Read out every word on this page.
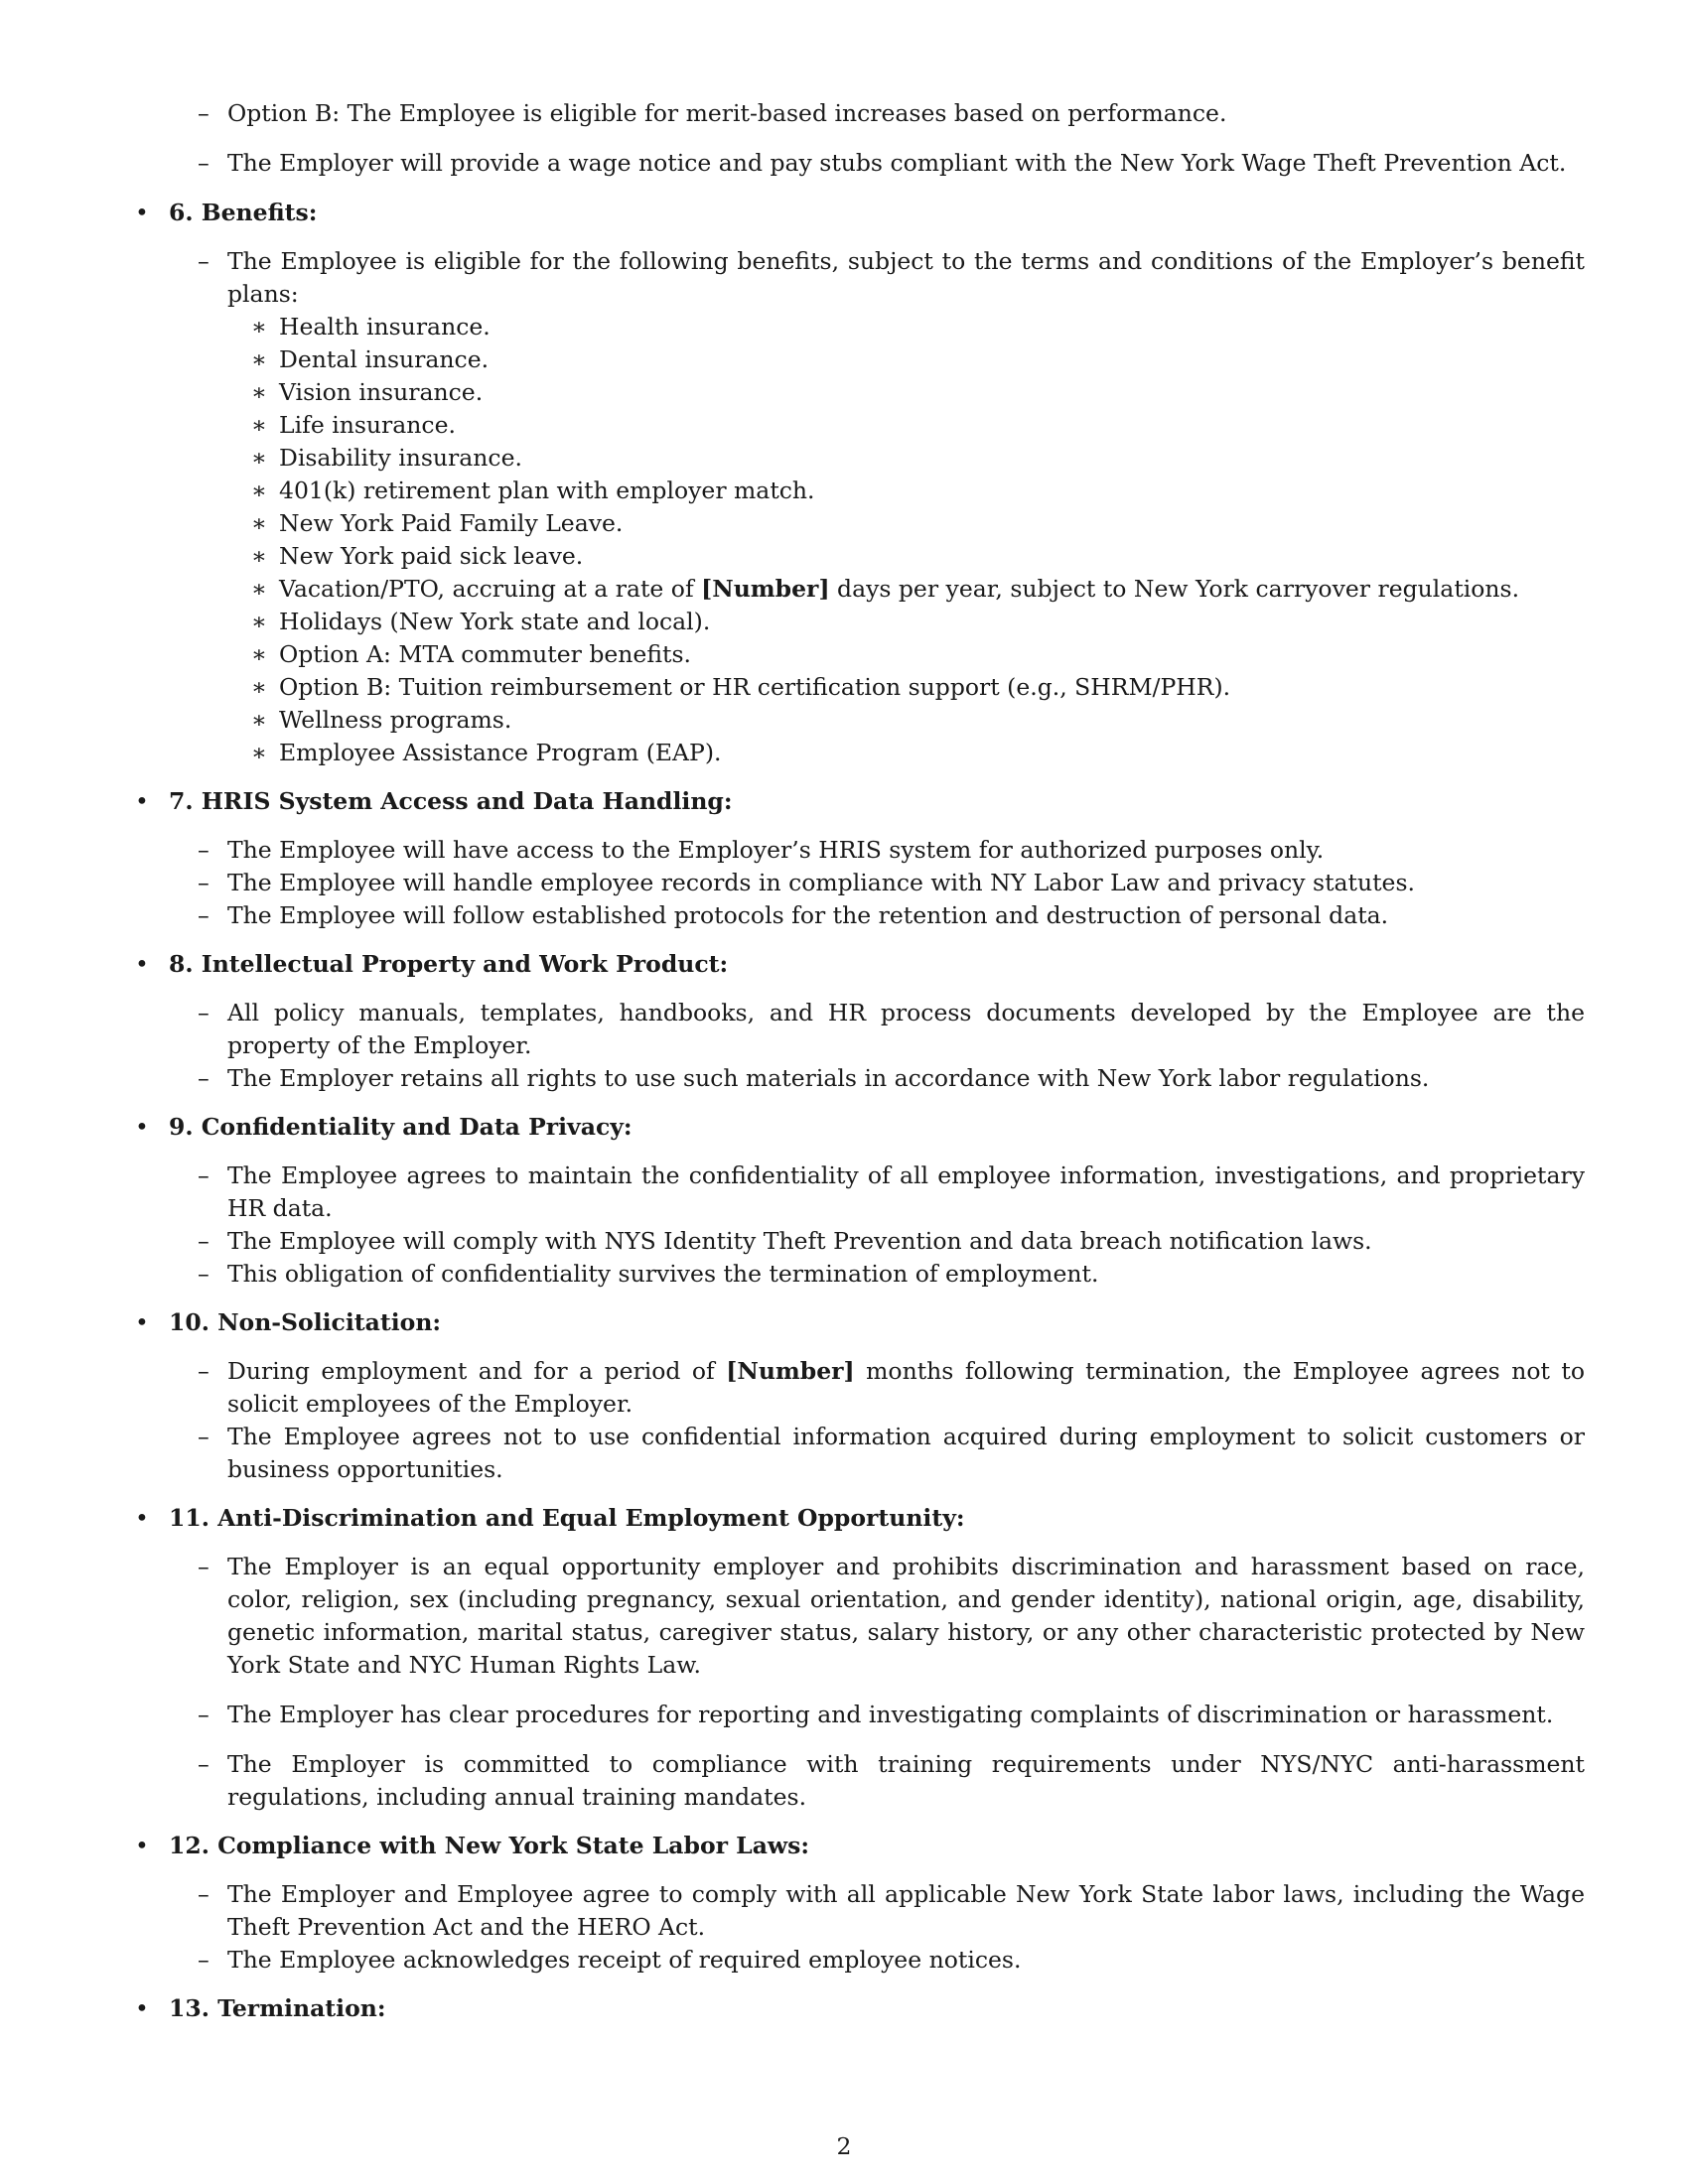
– Option B: The Employee is eligible for merit-based increases based on performance.
– The Employer will provide a wage notice and pay stubs compliant with the New York Wage Theft Prevention Act.
• 6. Benefits:
– The Employee is eligible for the following benefits, subject to the terms and conditions of the Employer’s benefit plans:
∗ Health insurance.
∗ Dental insurance.
∗ Vision insurance.
∗ Life insurance.
∗ Disability insurance.
∗ 401(k) retirement plan with employer match.
∗ New York Paid Family Leave.
∗ New York paid sick leave.
∗ Vacation/PTO, accruing at a rate of [Number] days per year, subject to New York carryover regulations.
∗ Holidays (New York state and local).
∗ Option A: MTA commuter benefits.
∗ Option B: Tuition reimbursement or HR certification support (e.g., SHRM/PHR).
∗ Wellness programs.
∗ Employee Assistance Program (EAP).
• 7. HRIS System Access and Data Handling:
– The Employee will have access to the Employer’s HRIS system for authorized purposes only.
– The Employee will handle employee records in compliance with NY Labor Law and privacy statutes.
– The Employee will follow established protocols for the retention and destruction of personal data.
• 8. Intellectual Property and Work Product:
– All policy manuals, templates, handbooks, and HR process documents developed by the Employee are the property of the Employer.
– The Employer retains all rights to use such materials in accordance with New York labor regulations.
• 9. Confidentiality and Data Privacy:
– The Employee agrees to maintain the confidentiality of all employee information, investigations, and proprietary HR data.
– The Employee will comply with NYS Identity Theft Prevention and data breach notification laws.
– This obligation of confidentiality survives the termination of employment.
• 10. Non-Solicitation:
– During employment and for a period of [Number] months following termination, the Employee agrees not to solicit employees of the Employer.
– The Employee agrees not to use confidential information acquired during employment to solicit customers or business opportunities.
• 11. Anti-Discrimination and Equal Employment Opportunity:
– The Employer is an equal opportunity employer and prohibits discrimination and harassment based on race, color, religion, sex (including pregnancy, sexual orientation, and gender identity), national origin, age, disability, genetic information, marital status, caregiver status, salary history, or any other characteristic protected by New York State and NYC Human Rights Law.
– The Employer has clear procedures for reporting and investigating complaints of discrimination or harassment.
– The Employer is committed to compliance with training requirements under NYS/NYC anti-harassment regulations, including annual training mandates.
• 12. Compliance with New York State Labor Laws:
– The Employer and Employee agree to comply with all applicable New York State labor laws, including the Wage Theft Prevention Act and the HERO Act.
– The Employee acknowledges receipt of required employee notices.
• 13. Termination:
2
